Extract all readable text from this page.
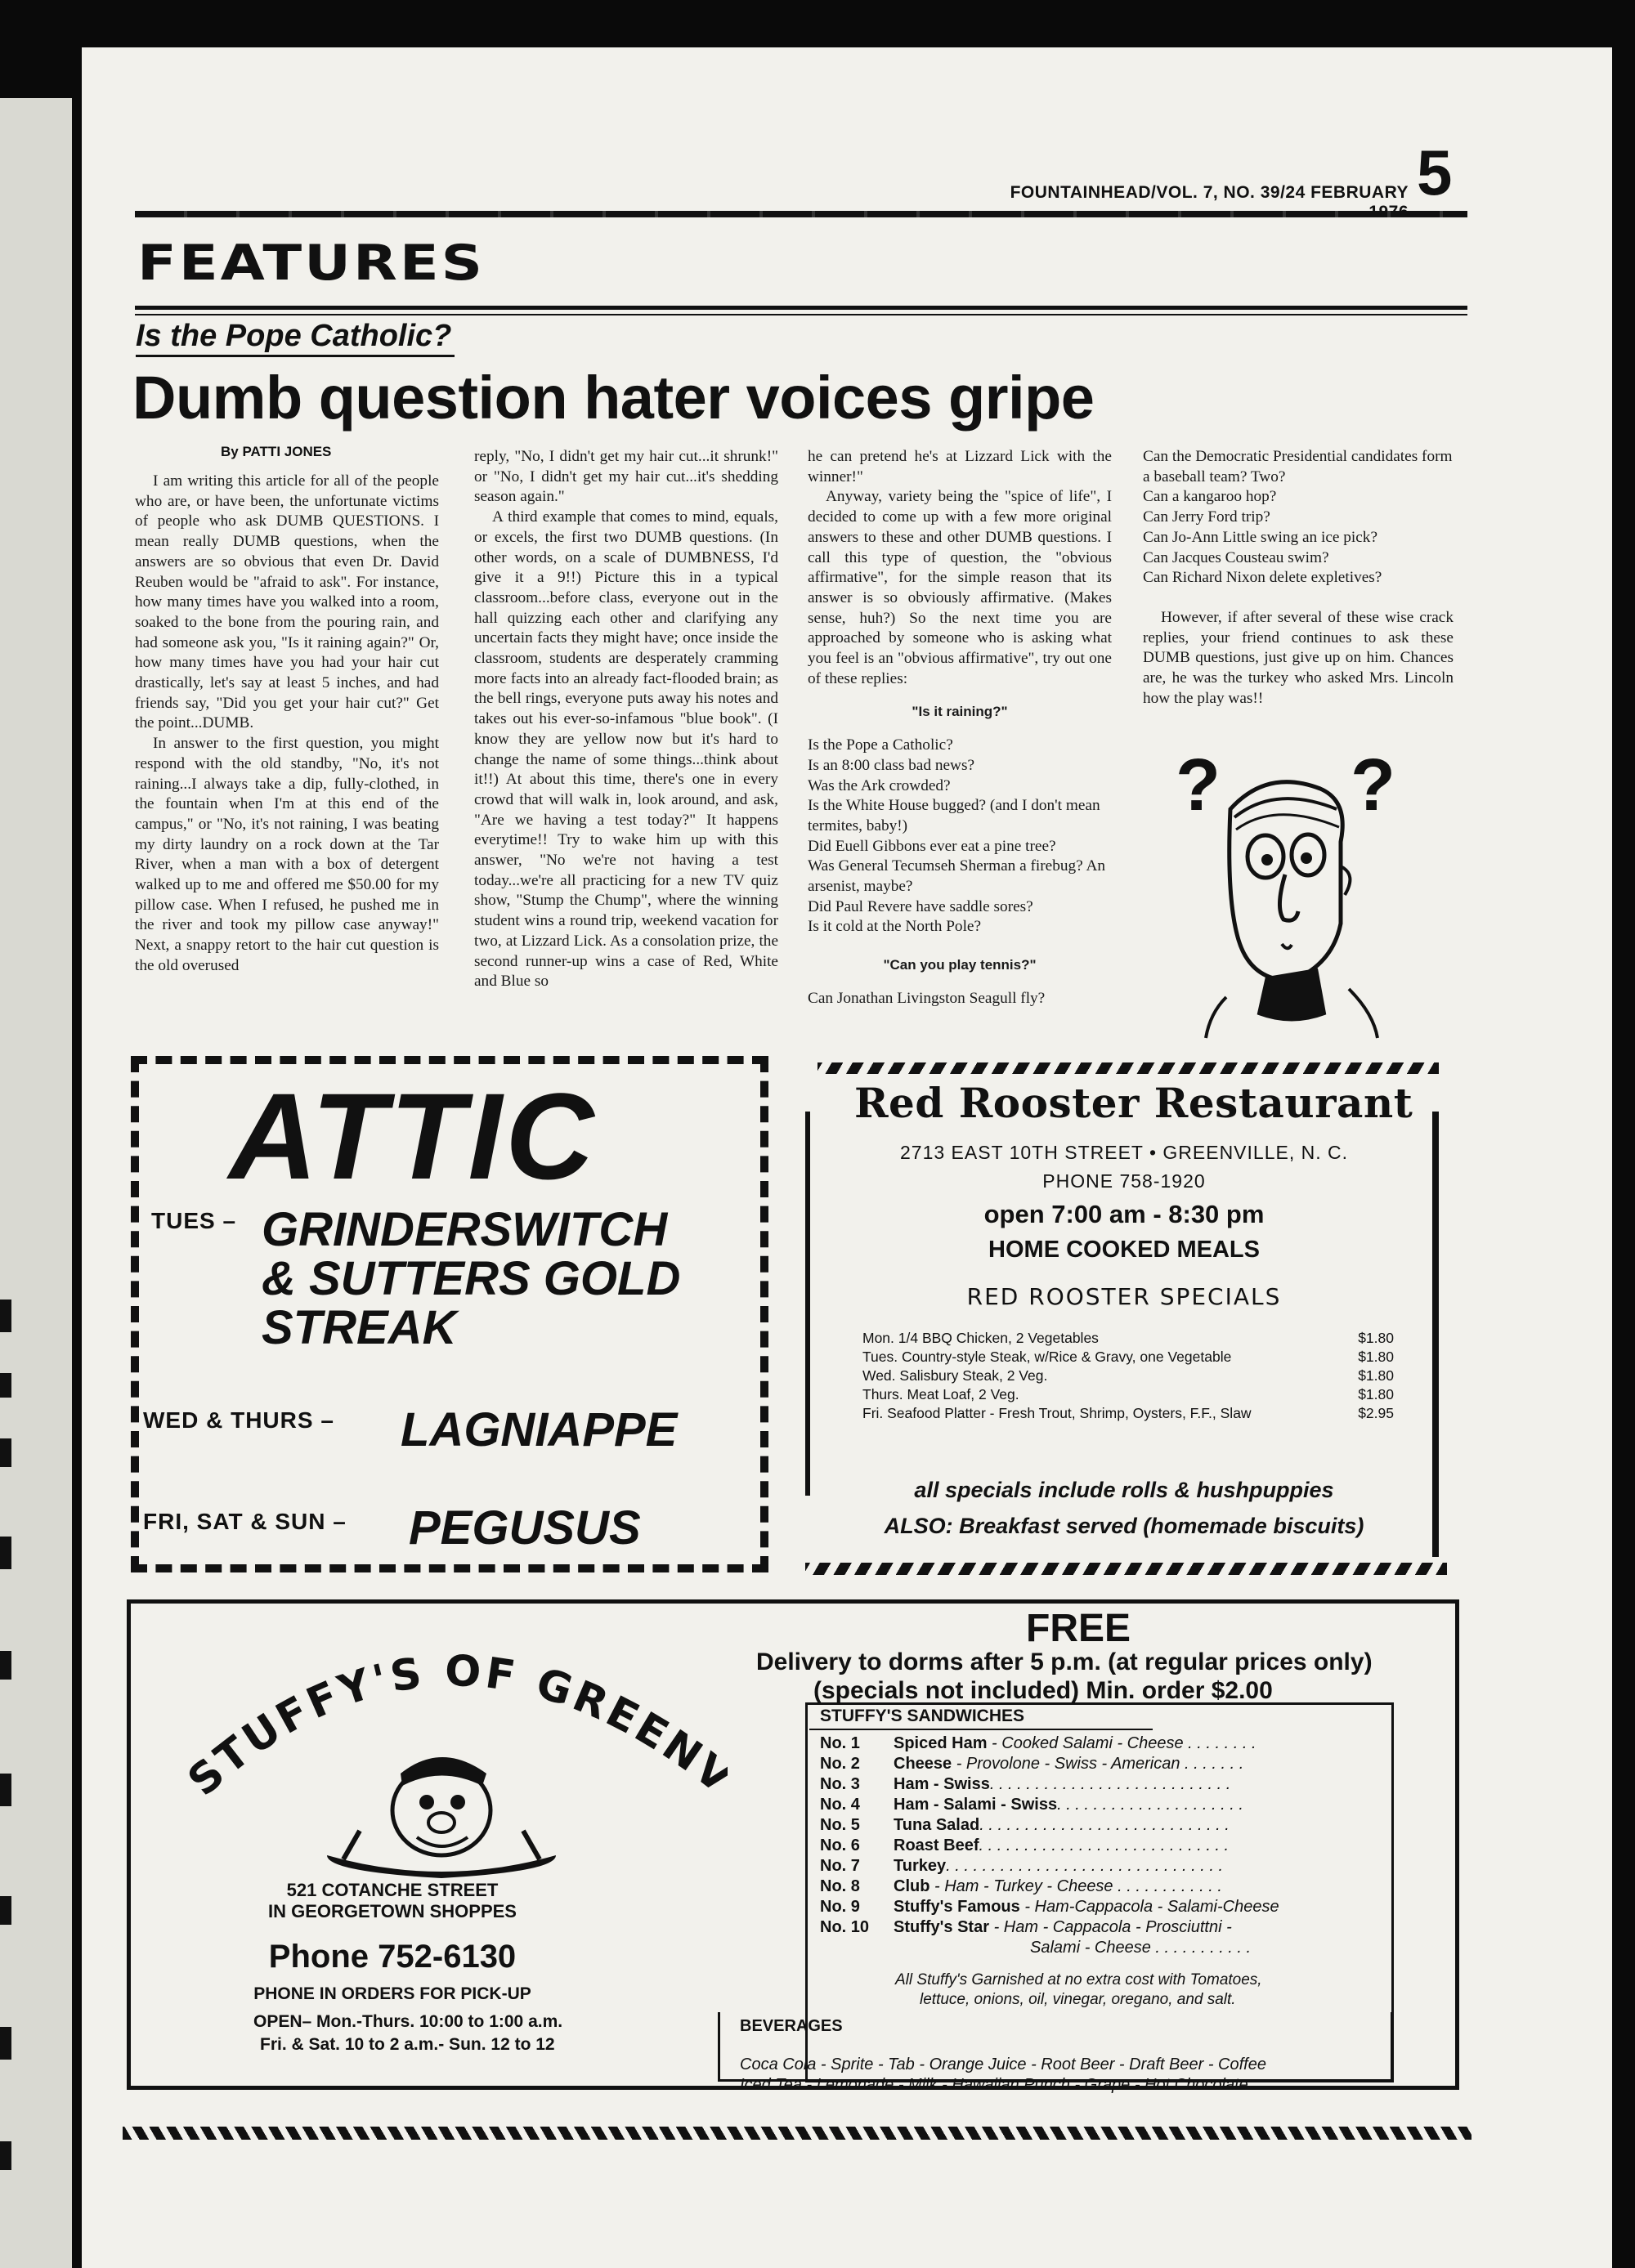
FOUNTAINHEAD/VOL. 7, NO. 39/24 FEBRUARY 5
FEATURES
Is the Pope Catholic?
Dumb question hater voices gripe
By PATTI JONES

I am writing this article for all of the people who are, or have been, the unfortunate victims of people who ask DUMB QUESTIONS. I mean really DUMB questions, when the answers are so obvious that even Dr. David Reuben would be "afraid to ask". For instance, how many times have you walked into a room, soaked to the bone from the pouring rain, and had someone ask you, "Is it raining again?" Or, how many times have you had your hair cut drastically, let's say at least 5 inches, and had friends say, "Did you get your hair cut?" Get the point...DUMB.

In answer to the first question, you might respond with the old standby, "No, it's not raining...I always take a dip, fully-clothed, in the fountain when I'm at this end of the campus," or "No, it's not raining, I was beating my dirty laundry on a rock down at the Tar River, when a man with a box of detergent walked up to me and offered me $50.00 for my pillow case. When I refused, he pushed me in the river and took my pillow case anyway!" Next, a snappy retort to the hair cut question is the old overused

reply, "No, I didn't get my hair cut...it shrunk!" or "No, I didn't get my hair cut...it's shedding season again."

A third example that comes to mind, equals, or excels, the first two DUMB questions. (In other words, on a scale of DUMBNESS, I'd give it a 9!!) Picture this in a typical classroom...before class, everyone out in the hall quizzing each other and clarifying any uncertain facts they might have; once inside the classroom, students are desperately cramming more facts into an already fact-flooded brain; as the bell rings, everyone puts away his notes and takes out his ever-so-infamous "blue book". (I know they are yellow now but it's hard to change the name of some things...think about it!!) At about this time, there's one in every crowd that will walk in, look around, and ask, "Are we having a test today?" It happens everytime!! Try to wake him up with this answer, "No we're not having a test today...we're all practicing for a new TV quiz show, "Stump the Chump", where the winning student wins a round trip, weekend vacation for two, at Lizzard Lick. As a consolation prize, the second runner-up wins a case of Red, White and Blue so

he can pretend he's at Lizzard Lick with the winner!"

Anyway, variety being the "spice of life", I decided to come up with a few more original answers to these and other DUMB questions. I call this type of question, the "obvious affirmative", for the simple reason that its answer is so obviously affirmative. (Makes sense, huh?) So the next time you are approached by someone who is asking what you feel is an "obvious affirmative", try out one of these replies:

"Is it raining?"
Is the Pope a Catholic?
Is an 8:00 class bad news?
Was the Ark crowded?
Is the White House bugged? (and I don't mean termites, baby!)
Did Euell Gibbons ever eat a pine tree?
Was General Tecumseh Sherman a firebug? An arsenist, maybe?
Did Paul Revere have saddle sores?
Is it cold at the North Pole?
"Can you play tennis?"
Can Jonathan Livingston Seagull fly?
Can the Democratic Presidential candidates form a baseball team? Two?
Can a kangaroo hop?
Can Jerry Ford trip?
Can Jo-Ann Little swing an ice pick?
Can Jacques Cousteau swim?
Can Richard Nixon delete expletives?

However, if after several of these wise crack replies, your friend continues to ask these DUMB questions, just give up on him. Chances are, he was the turkey who asked Mrs. Lincoln how the play was!!

? ?
ATTIC
TUES – GRINDERSWITCH
& SUTTERS GOLD
STREAK
WED & THURS – LAGNIAPPE
FRI, SAT & SUN – PEGUSUS
Red Rooster Restaurant
2713 EAST 10TH STREET • GREENVILLE, N. C.
PHONE 758-1920
open 7:00 am - 8:30 pm
HOME COOKED MEALS
RED ROOSTER SPECIALS
Mon. 1/4 BBQ Chicken, 2 Vegetables	$1.80
Tues. Country-style Steak, w/Rice & Gravy, one Vegetable	$1.80
Wed. Salisbury Steak, 2 Veg.	$1.80
Thurs. Meat Loaf, 2 Veg.	$1.80
Fri. Seafood Platter - Fresh Trout, Shrimp, Oysters, F.F., Slaw	$2.95
all specials include rolls & hushpuppies
ALSO: Breakfast served (homemade biscuits)
STUFFY'S OF GREEN
521 COTANCHE STREET
IN GEORGETOWN SHOPPES
Phone 752-6130
PHONE IN ORDERS FOR PICK-UP
OPEN– Mon.-Thurs. 10:00 to 1:00 a.m.
Fri. & Sat. 10 to 2 a.m.- Sun. 12 to 12
FREE
Delivery to dorms after 5 p.m. (at regular prices only)
(specials not included) Min. order $2.00
STUFFY'S SANDWICHES
No. 1 Spiced Ham - Cooked Salami - Cheese . . . . . . . .
No. 2 Cheese - Provolone - Swiss - American . . . . . . .
No. 3 Ham - Swiss. . . . . . . . . . . . . . . . . . . . . . . . . . .
No. 4 Ham - Salami - Swiss. . . . . . . . . . . . . . . . . . . . .
No. 5 Tuna Salad. . . . . . . . . . . . . . . . . . . . . . . . . . . .
No. 6 Roast Beef. . . . . . . . . . . . . . . . . . . . . . . . . . . .
No. 7 Turkey. . . . . . . . . . . . . . . . . . . . . . . . . . . . . . .
No. 8 Club - Ham - Turkey - Cheese . . . . . . . . . . . .
No. 9 Stuffy's Famous - Ham-Cappacola - Salami-Cheese
No. 10 Stuffy's Star - Ham - Cappacola - Prosciuttni -
Salami - Cheese . . . . . . . . . . .
All Stuffy's Garnished at no extra cost with Tomatoes,
lettuce, onions, oil, vinegar, oregano, and salt.
BEVERAGES
Coca Cola - Sprite - Tab - Orange Juice - Root Beer - Draft Beer - Coffee
Iced Tea - Lemonade - Milk - Hawaiian Punch - Grape - Hot Chocolate
